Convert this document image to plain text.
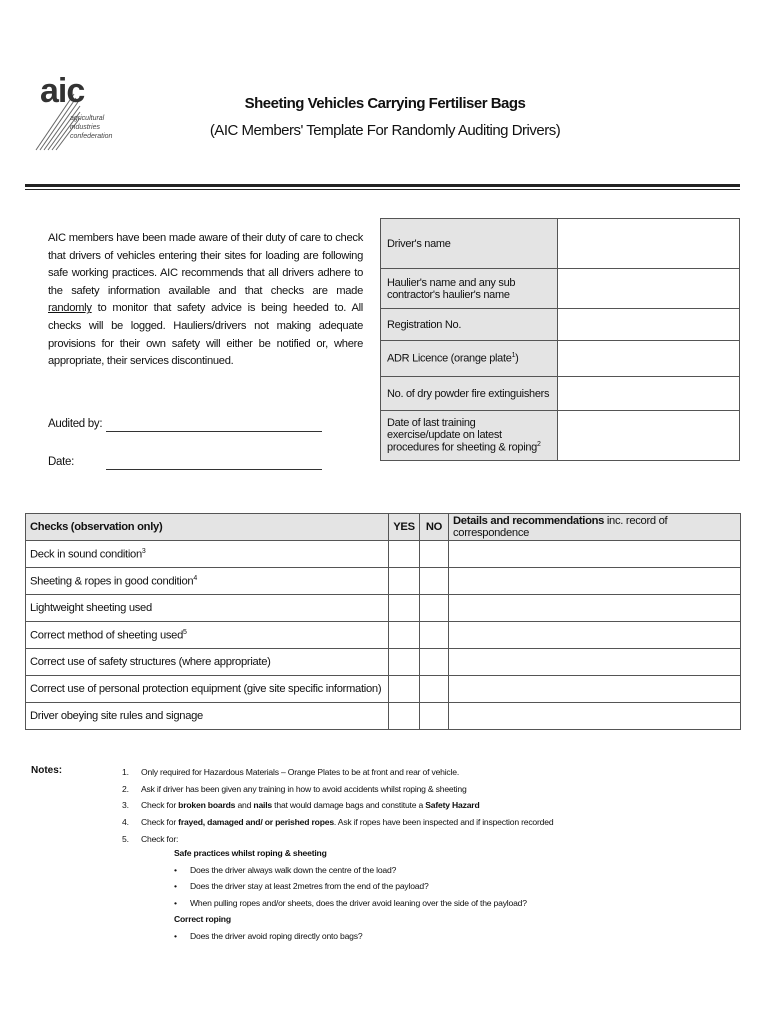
aic
agricultural
industries
confederation
Sheeting Vehicles Carrying Fertiliser Bags
(AIC Members' Template For Randomly Auditing Drivers)
AIC members have been made aware of their duty of care to check that drivers of vehicles entering their sites for loading are following safe working practices. AIC recommends that all drivers adhere to the safety information available and that checks are made randomly to monitor that safety advice is being heeded to. All checks will be logged. Hauliers/drivers not making adequate provisions for their own safety will either be notified or, where appropriate, their services discontinued.
Audited by:
Date:
Driver's name	
Haulier's name and any sub contractor's haulier's name	
Registration No.	
ADR Licence (orange plate$^1$)	
No. of dry powder fire extinguishers	
Date of last training exercise/update on latest procedures for sheeting & roping$^2$	
Checks (observation only)	YES	NO	Details and recommendations inc. record of correspondence
Deck in sound condition$^3$			
Sheeting & ropes in good condition$^4$			
Lightweight sheeting used			
Correct method of sheeting used$^5$			
Correct use of safety structures (where appropriate)			
Correct use of personal protection equipment (give site specific information)			
Driver obeying site rules and signage			
Notes:	1. Only required for Hazardous Materials – Orange Plates to be at front and rear of vehicle.
2. Ask if driver has been given any training in how to avoid accidents whilst roping & sheeting
3. Check for broken boards and nails that would damage bags and constitute a Safety Hazard
4. Check for frayed, damaged and/ or perished ropes. Ask if ropes have been inspected and if inspection recorded
5. Check for:
Safe practices whilst roping & sheeting
• Does the driver always walk down the centre of the load?
• Does the driver stay at least 2metres from the end of the payload?
• When pulling ropes and/or sheets, does the driver avoid leaning over the side of the payload?
Correct roping
• Does the driver avoid roping directly onto bags?
